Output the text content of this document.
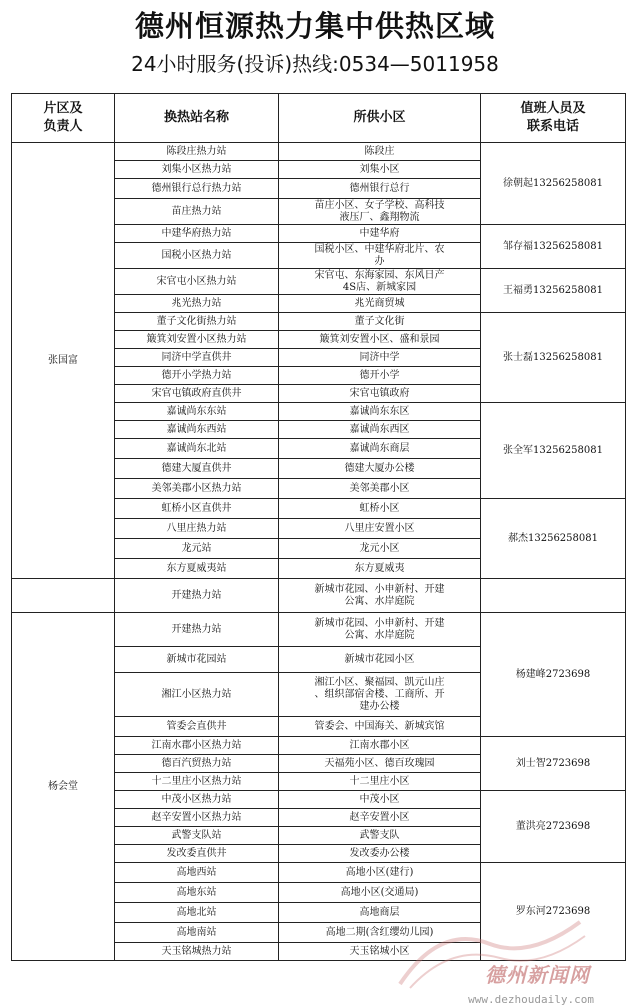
德州恒源热力集中供热区域
24小时服务(投诉)热线:0534—5011958
片区及
负责人	换热站名称	所供小区	值班人员及
联系电话
张国富	陈段庄热力站	陈段庄	徐朝起13256258081
	刘集小区热力站	刘集小区	
	德州银行总行热力站	德州银行总行	
	苗庄热力站	苗庄小区、女子学校、高科技
液压厂、鑫翔物流	
	中建华府热力站	中建华府	邹存福13256258081
	国税小区热力站	国税小区、中建华府北片、农
办	
	宋官屯小区热力站	宋官屯、东海家园、东风日产
4S店、新城家园	王福勇13256258081
	兆光热力站	兆光商贸城	
	董子文化街热力站	董子文化街	张士磊13256258081
	簸箕刘安置小区热力站	簸箕刘安置小区、盛和景园	
	同济中学直供井	同济中学	
	德开小学热力站	德开小学	
	宋官屯镇政府直供井	宋官屯镇政府	
	嘉诚尚东东站	嘉诚尚东东区	张全军13256258081
	嘉诚尚东西站	嘉诚尚东西区	
	嘉诚尚东北站	嘉诚尚东商层	
	德建大厦直供井	德建大厦办公楼	
	美邻美郡小区热力站	美邻美郡小区	
	虹桥小区直供井	虹桥小区	郝杰13256258081
	八里庄热力站	八里庄安置小区	
	龙元站	龙元小区	
	东方夏威夷站	东方夏威夷	
	开建热力站	新城市花园、小申新村、开建
公寓、水岸庭院	
杨会堂	开建热力站	新城市花园、小申新村、开建
公寓、水岸庭院	杨建峰2723698
	新城市花园站	新城市花园小区	
	湘江小区热力站	湘江小区、聚福园、凯元山庄
、组织部宿舍楼、工商所、开
建办公楼	
	管委会直供井	管委会、中国海关、新城宾馆	
	江南水郡小区热力站	江南水郡小区	刘士智2723698
	德百汽贸热力站	天福苑小区、德百玫瑰园	
	十二里庄小区热力站	十二里庄小区	
	中茂小区热力站	中茂小区	董洪亮2723698
	赵辛安置小区热力站	赵辛安置小区	
	武警支队站	武警支队	
	发改委直供井	发改委办公楼	
	高地西站	高地小区(建行)	罗东河2723698
	高地东站	高地小区(交通局)	
	高地北站	高地商层	
	高地南站	高地二期(含红缨幼儿园)	
	天玉铭城热力站	天玉铭城小区	
德州新闻网
www.dezhoudaily.com
